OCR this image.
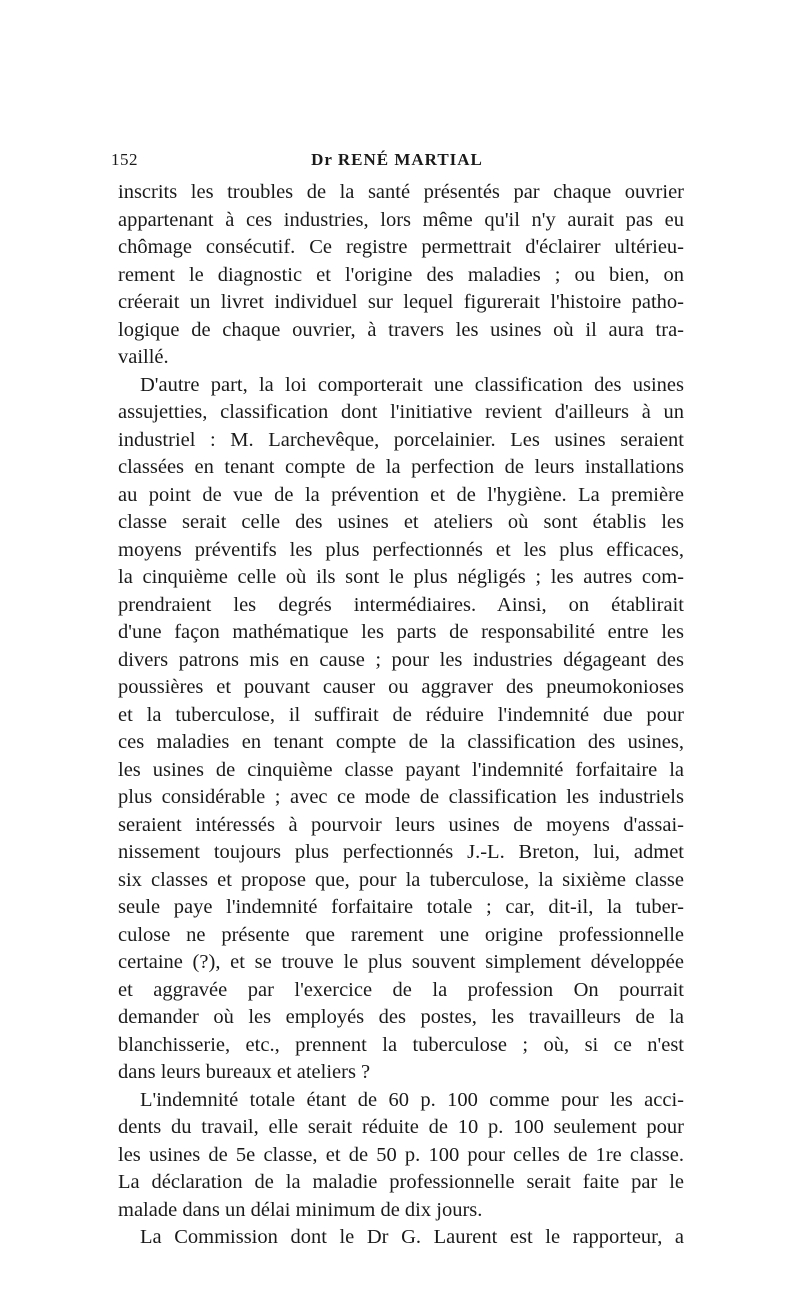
152	Dr RENÉ MARTIAL
inscrits les troubles de la santé présentés par chaque ouvrier
appartenant à ces industries, lors même qu'il n'y aurait pas eu
chômage consécutif. Ce registre permettrait d'éclairer ultérieu-
rement le diagnostic et l'origine des maladies ; ou bien, on
créerait un livret individuel sur lequel figurerait l'histoire patho-
logique de chaque ouvrier, à travers les usines où il aura tra-
vaillé.
D'autre part, la loi comporterait une classification des usines
assujetties, classification dont l'initiative revient d'ailleurs à un
industriel : M. Larchevêque, porcelainier. Les usines seraient
classées en tenant compte de la perfection de leurs installations
au point de vue de la prévention et de l'hygiène. La première
classe serait celle des usines et ateliers où sont établis les
moyens préventifs les plus perfectionnés et les plus efficaces,
la cinquième celle où ils sont le plus négligés ; les autres com-
prendraient les degrés intermédiaires. Ainsi, on établirait
d'une façon mathématique les parts de responsabilité entre les
divers patrons mis en cause ; pour les industries dégageant des
poussières et pouvant causer ou aggraver des pneumokonioses
et la tuberculose, il suffirait de réduire l'indemnité due pour
ces maladies en tenant compte de la classification des usines,
les usines de cinquième classe payant l'indemnité forfaitaire la
plus considérable ; avec ce mode de classification les industriels
seraient intéressés à pourvoir leurs usines de moyens d'assai-
nissement toujours plus perfectionnés J.-L. Breton, lui, admet
six classes et propose que, pour la tuberculose, la sixième classe
seule paye l'indemnité forfaitaire totale ; car, dit-il, la tuber-
culose ne présente que rarement une origine professionnelle
certaine (?), et se trouve le plus souvent simplement développée
et aggravée par l'exercice de la profession On pourrait
demander où les employés des postes, les travailleurs de la
blanchisserie, etc., prennent la tuberculose ; où, si ce n'est
dans leurs bureaux et ateliers ?
L'indemnité totale étant de 60 p. 100 comme pour les acci-
dents du travail, elle serait réduite de 10 p. 100 seulement pour
les usines de 5e classe, et de 50 p. 100 pour celles de 1re classe.
La déclaration de la maladie professionnelle serait faite par le
malade dans un délai minimum de dix jours.
La Commission dont le Dr G. Laurent est le rapporteur, a
